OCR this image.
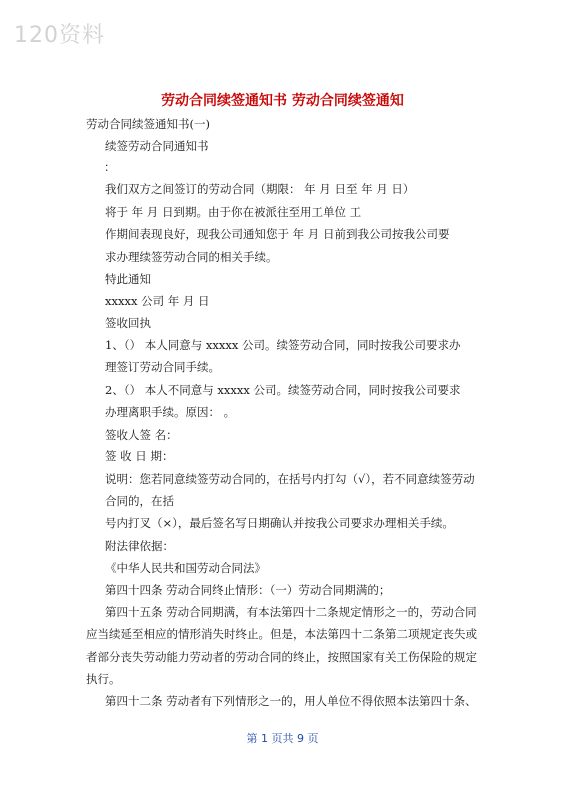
120资料
劳动合同续签通知书 劳动合同续签通知
劳动合同续签通知书(一)
续签劳动合同通知书
：
我们双方之间签订的劳动合同（期限： 年 月 日至 年 月 日）
将于 年 月 日到期。由于你在被派往至用工单位 工
作期间表现良好，现我公司通知您于 年 月 日前到我公司按我公司要
求办理续签劳动合同的相关手续。
特此通知
xxxxx 公司 年 月 日
签收回执
1、（） 本人同意与 xxxxx 公司。续签劳动合同，同时按我公司要求办
理签订劳动合同手续。
2、（） 本人不同意与 xxxxx 公司。续签劳动合同，同时按我公司要求
办理离职手续。原因： 。
签收人签 名：
签 收 日 期：
说明：您若同意续签劳动合同的，在括号内打勾（√），若不同意续签劳动
合同的，在括
号内打叉（×），最后签名写日期确认并按我公司要求办理相关手续。
附法律依据：
《中华人民共和国劳动合同法》
第四十四条 劳动合同终止情形：（一）劳动合同期满的；
第四十五条 劳动合同期满，有本法第四十二条规定情形之一的，劳动合同
应当续延至相应的情形消失时终止。但是，本法第四十二条第二项规定丧失或
者部分丧失劳动能力劳动者的劳动合同的终止，按照国家有关工伤保险的规定
执行。
第四十二条 劳动者有下列情形之一的，用人单位不得依照本法第四十条、
第 1 页共 9 页
